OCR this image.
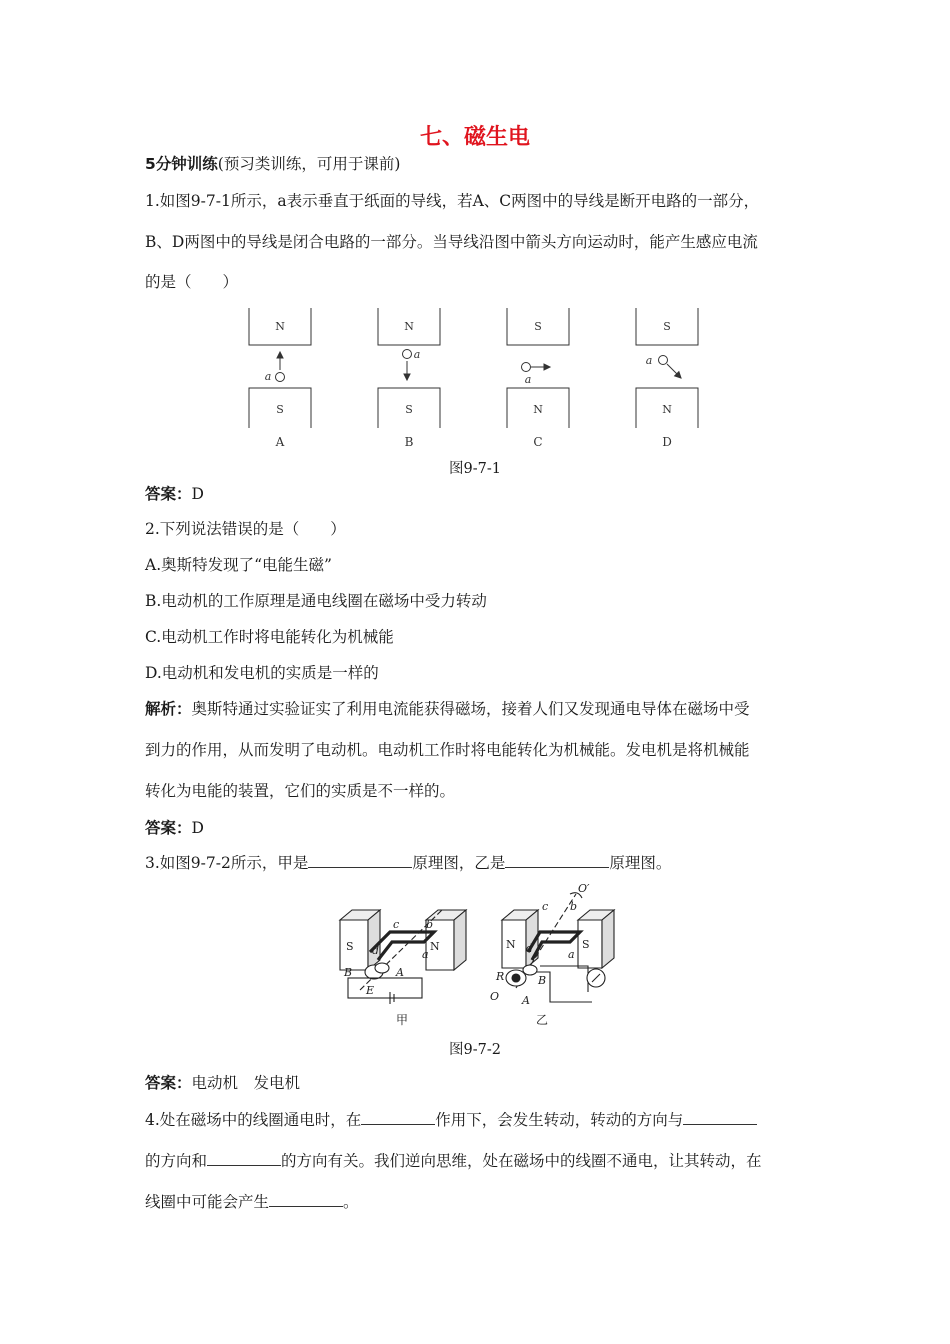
七、磁生电
5分钟训练(预习类训练，可用于课前)
1.如图9-7-1所示，a表示垂直于纸面的导线，若A、C两图中的导线是断开电路的一部分，
B、D两图中的导线是闭合电路的一部分。当导线沿图中箭头方向运动时，能产生感应电流
的是（　　）
N
S
a
A
N
S
a
B
S
N
a
C
S
N
a
D
图9-7-1
答案：D
2.下列说法错误的是（　　）
A.奥斯特发现了“电能生磁”
B.电动机的工作原理是通电线圈在磁场中受力转动
C.电动机工作时将电能转化为机械能
D.电动机和发电机的实质是一样的
解析：奥斯特通过实验证实了利用电流能获得磁场，接着人们又发现通电导体在磁场中受
到力的作用，从而发明了电动机。电动机工作时将电能转化为机械能。发电机是将机械能
转化为电能的装置，它们的实质是不一样的。
答案：D
3.如图9-7-2所示，甲是	原理图，乙是	原理图。
S	N
c b
d	a
B	A
E
甲
N	S
c b
d	a
R	B
A
O′
O
乙
图9-7-2
答案：电动机　发电机
4.处在磁场中的线圈通电时，在	作用下，会发生转动，转动的方向与
的方向和	的方向有关。我们逆向思维，处在磁场中的线圈不通电，让其转动，在
线圈中可能会产生	。
